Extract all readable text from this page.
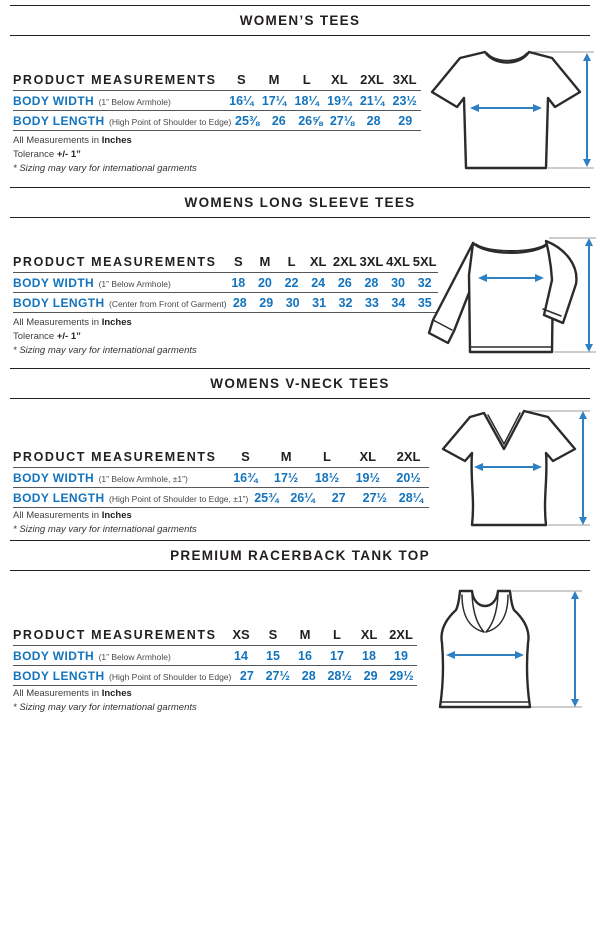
WOMEN’S TEES
PRODUCT MEASUREMENTS	S	M	L	XL 2XL 3XL
BODY WIDTH (1” Below Armhole)	16¼ 17¼ 18¼ 19¾ 21¼ 23½
BODY LENGTH (High Point of Shoulder to Edge) 25⅜ 26 26⅝ 27⅛ 28	29

All Measurements in Inches

Tolerance +/- 1”

* Sizing may vary for international garments

WOMENS LONG SLEEVE TEES
PRODUCT MEASUREMENTS	S	M	L	XL 2XL 3XL 4XL 5XL
BODY WIDTH (1” Below Armhole)	18	20	22	24	26	28	30	32
BODY LENGTH (Center from Front of Garment) 28	29	30	31	32	33	34	35

All Measurements in Inches

Tolerance +/- 1”

* Sizing may vary for international garments

WOMENS V-NECK TEES
PRODUCT MEASUREMENTS	S	M	L	XL	2XL
BODY WIDTH (1” Below Armhole, ±1”)	16¾	17½	18½	19½	20½
BODY LENGTH (High Point of Shoulder to Edge, ±1”) 25¾ 26¼	27	27½ 28¼

All Measurements in Inches

* Sizing may vary for international garments

PREMIUM RACERBACK TANK TOP
PRODUCT MEASUREMENTS	XS	S	M	L	XL 2XL
BODY WIDTH (1” Below Armhole)	14	15	16	17	18	19
BODY LENGTH (High Point of Shoulder to Edge) 27 27½ 28 28½ 29 29½

All Measurements in Inches

* Sizing may vary for international garments
